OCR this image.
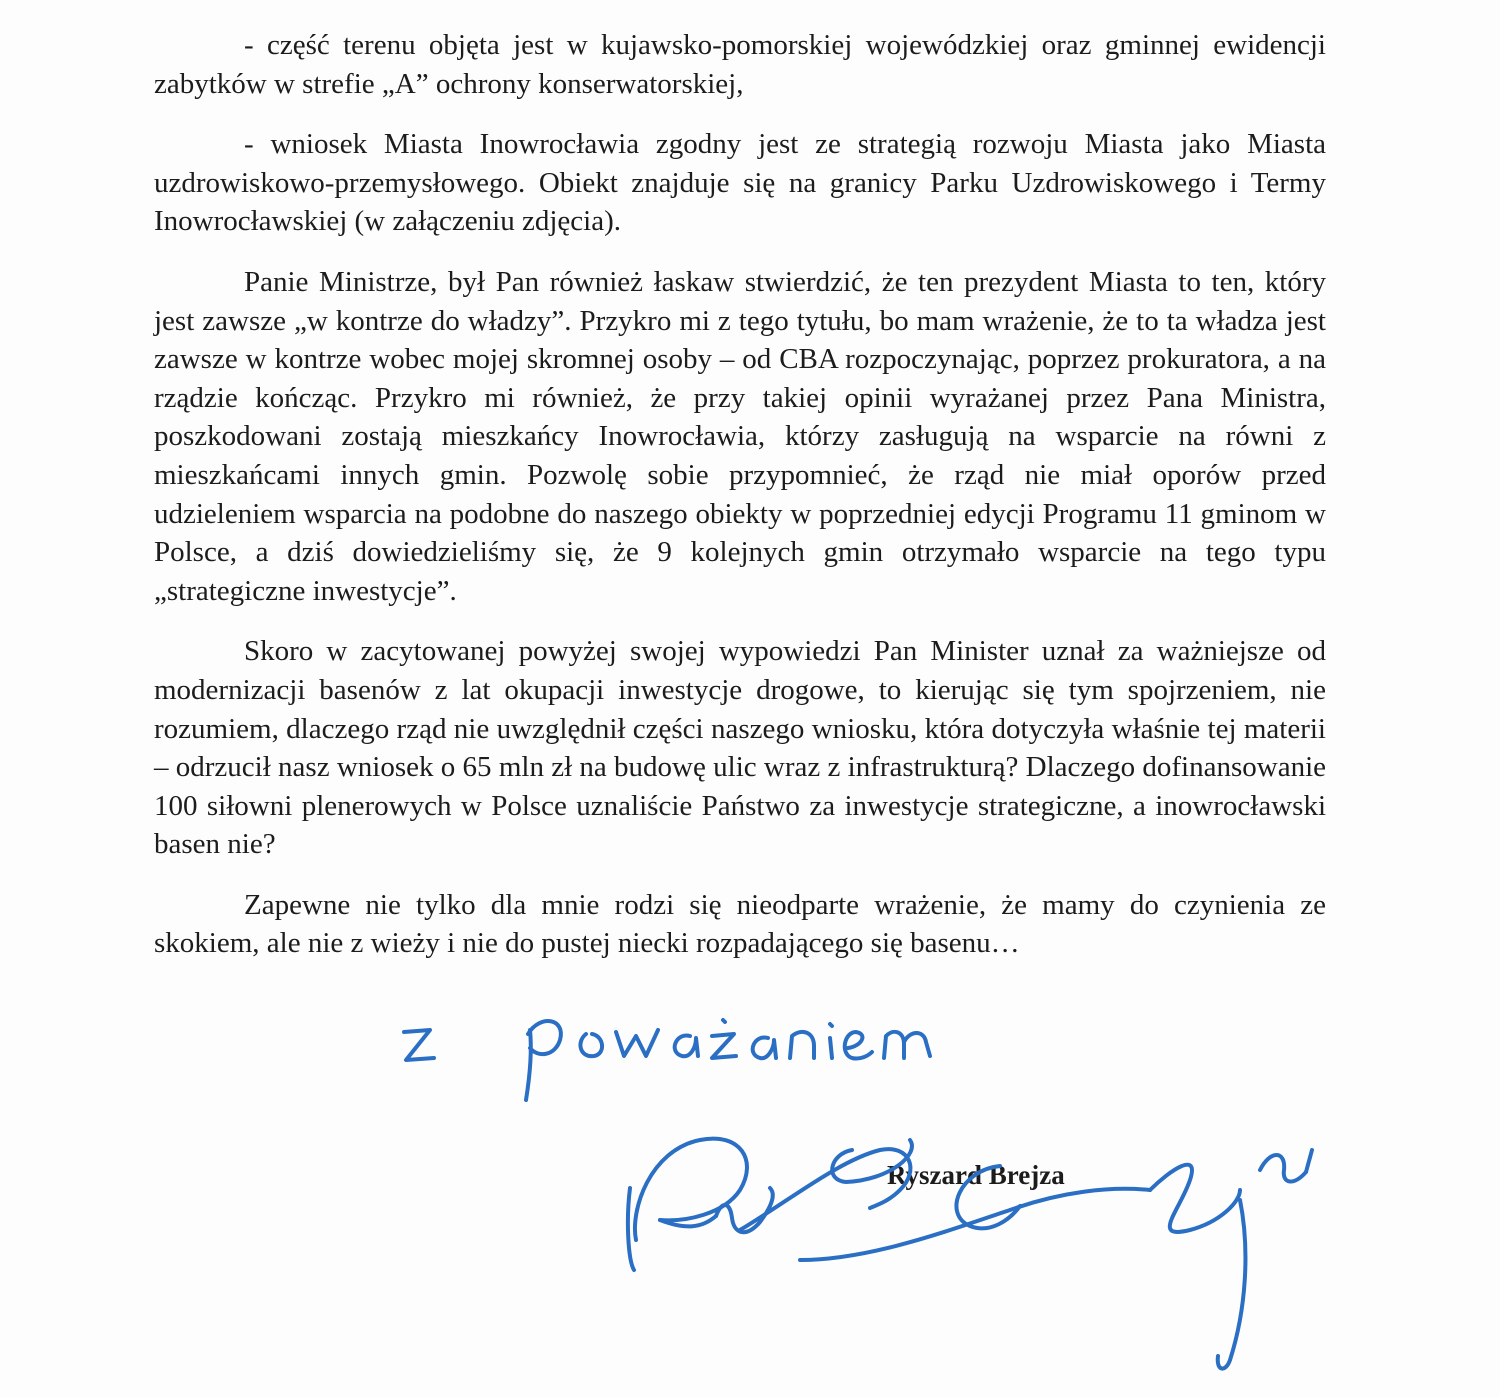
- część terenu objęta jest w kujawsko-pomorskiej wojewódzkiej oraz gminnej ewidencji zabytków w strefie „A” ochrony konserwatorskiej,

- wniosek Miasta Inowrocławia zgodny jest ze strategią rozwoju Miasta jako Miasta uzdrowiskowo-przemysłowego. Obiekt znajduje się na granicy Parku Uzdrowiskowego i Termy Inowrocławskiej (w załączeniu zdjęcia).

Panie Ministrze, był Pan również łaskaw stwierdzić, że ten prezydent Miasta to ten, który jest zawsze „w kontrze do władzy”. Przykro mi z tego tytułu, bo mam wrażenie, że to ta władza jest zawsze w kontrze wobec mojej skromnej osoby – od CBA rozpoczynając, poprzez prokuratora, a na rządzie kończąc. Przykro mi również, że przy takiej opinii wyrażanej przez Pana Ministra, poszkodowani zostają mieszkańcy Inowrocławia, którzy zasługują na wsparcie na równi z mieszkańcami innych gmin. Pozwolę sobie przypomnieć, że rząd nie miał oporów przed udzieleniem wsparcia na podobne do naszego obiekty w poprzedniej edycji Programu 11 gminom w Polsce, a dziś dowiedzieliśmy się, że 9 kolejnych gmin otrzymało wsparcie na tego typu „strategiczne inwestycje”.

Skoro w zacytowanej powyżej swojej wypowiedzi Pan Minister uznał za ważniejsze od modernizacji basenów z lat okupacji inwestycje drogowe, to kierując się tym spojrzeniem, nie rozumiem, dlaczego rząd nie uwzględnił części naszego wniosku, która dotyczyła właśnie tej materii – odrzucił nasz wniosek o 65 mln zł na budowę ulic wraz z infrastrukturą? Dlaczego dofinansowanie 100 siłowni plenerowych w Polsce uznaliście Państwo za inwestycje strategiczne, a inowrocławski basen nie?

Zapewne nie tylko dla mnie rodzi się nieodparte wrażenie, że mamy do czynienia ze skokiem, ale nie z wieży i nie do pustej niecki rozpadającego się basenu…

Ryszard Brejza
